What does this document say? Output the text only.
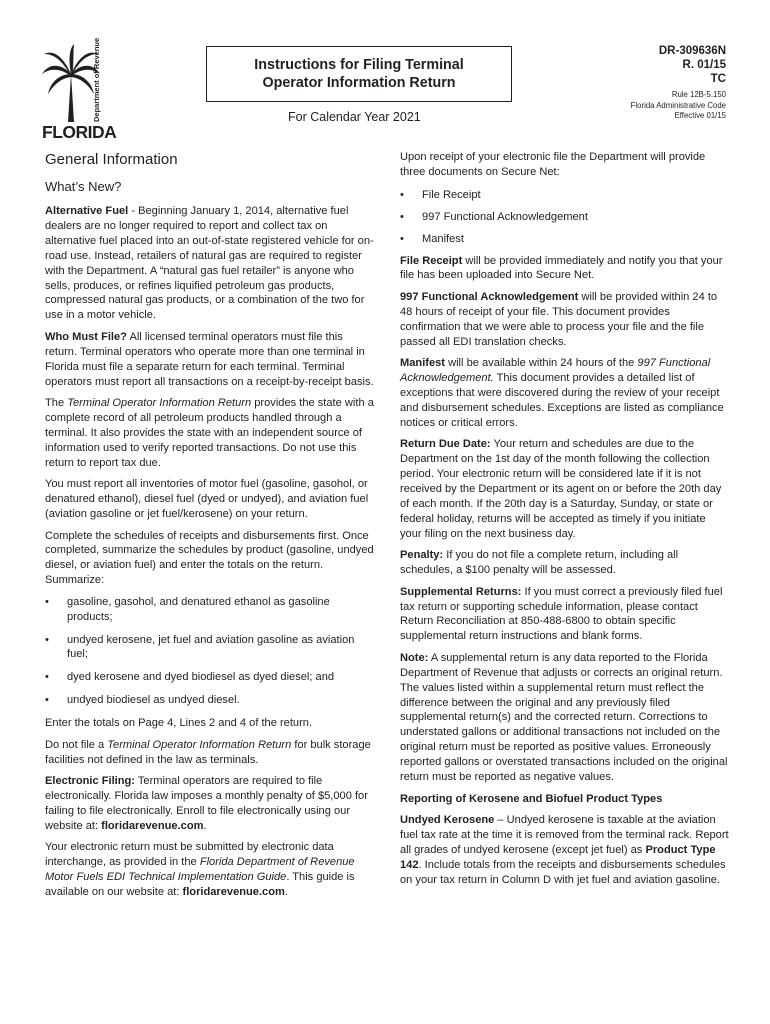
Department of Revenue
FLORIDA
Instructions for Filing Terminal
Operator Information Return
For Calendar Year 2021
DR-309636N
R. 01/15
TC
Rule 12B-5.150
Florida Administrative Code
Effective 01/15
General Information
What’s New?

Alternative Fuel - Beginning January 1, 2014, alternative fuel dealers are no longer required to report and collect tax on alternative fuel placed into an out-of-state registered vehicle for on-road use. Instead, retailers of natural gas are required to register with the Department. A “natural gas fuel retailer” is anyone who sells, produces, or refines liquified petroleum gas products, compressed natural gas products, or a combination of the two for use in a motor vehicle.

Who Must File? All licensed terminal operators must file this return. Terminal operators who operate more than one terminal in Florida must file a separate return for each terminal. Terminal operators must report all transactions on a receipt-by-receipt basis.

The Terminal Operator Information Return provides the state with a complete record of all petroleum products handled through a terminal. It also provides the state with an independent source of information used to verify reported transactions. Do not use this return to report tax due.

You must report all inventories of motor fuel (gasoline, gasohol, or denatured ethanol), diesel fuel (dyed or undyed), and aviation fuel (aviation gasoline or jet fuel/kerosene) on your return.

Complete the schedules of receipts and disbursements first. Once completed, summarize the schedules by product (gasoline, undyed diesel, or aviation fuel) and enter the totals on the return. Summarize:

• gasoline, gasohol, and denatured ethanol as gasoline products;

• undyed kerosene, jet fuel and aviation gasoline as aviation fuel;

• dyed kerosene and dyed biodiesel as dyed diesel; and

• undyed biodiesel as undyed diesel.

Enter the totals on Page 4, Lines 2 and 4 of the return.

Do not file a Terminal Operator Information Return for bulk storage facilities not defined in the law as terminals.

Electronic Filing: Terminal operators are required to file electronically. Florida law imposes a monthly penalty of $5,000 for failing to file electronically. Enroll to file electronically using our website at: floridarevenue.com.

Your electronic return must be submitted by electronic data interchange, as provided in the Florida Department of Revenue Motor Fuels EDI Technical Implementation Guide. This guide is available on our website at: floridarevenue.com.

Upon receipt of your electronic file the Department will provide three documents on Secure Net:

• File Receipt

• 997 Functional Acknowledgement

• Manifest

File Receipt will be provided immediately and notify you that your file has been uploaded into Secure Net.

997 Functional Acknowledgement will be provided within 24 to 48 hours of receipt of your file. This document provides confirmation that we were able to process your file and the file passed all EDI translation checks.

Manifest will be available within 24 hours of the 997 Functional Acknowledgement. This document provides a detailed list of exceptions that were discovered during the review of your receipt and disbursement schedules. Exceptions are listed as compliance notices or critical errors.

Return Due Date: Your return and schedules are due to the Department on the 1st day of the month following the collection period. Your electronic return will be considered late if it is not received by the Department or its agent on or before the 20th day of each month. If the 20th day is a Saturday, Sunday, or state or federal holiday, returns will be accepted as timely if you initiate your filing on the next business day.

Penalty: If you do not file a complete return, including all schedules, a $100 penalty will be assessed.

Supplemental Returns: If you must correct a previously filed fuel tax return or supporting schedule information, please contact Return Reconciliation at 850-488-6800 to obtain specific supplemental return instructions and blank forms.

Note: A supplemental return is any data reported to the Florida Department of Revenue that adjusts or corrects an original return. The values listed within a supplemental return must reflect the difference between the original and any previously filed supplemental return(s) and the corrected return. Corrections to understated gallons or additional transactions not included on the original return must be reported as positive values. Erroneously reported gallons or overstated transactions included on the original return must be reported as negative values.

Reporting of Kerosene and Biofuel Product Types

Undyed Kerosene – Undyed kerosene is taxable at the aviation fuel tax rate at the time it is removed from the terminal rack. Report all grades of undyed kerosene (except jet fuel) as Product Type 142. Include totals from the receipts and disbursements schedules on your tax return in Column D with jet fuel and aviation gasoline.
